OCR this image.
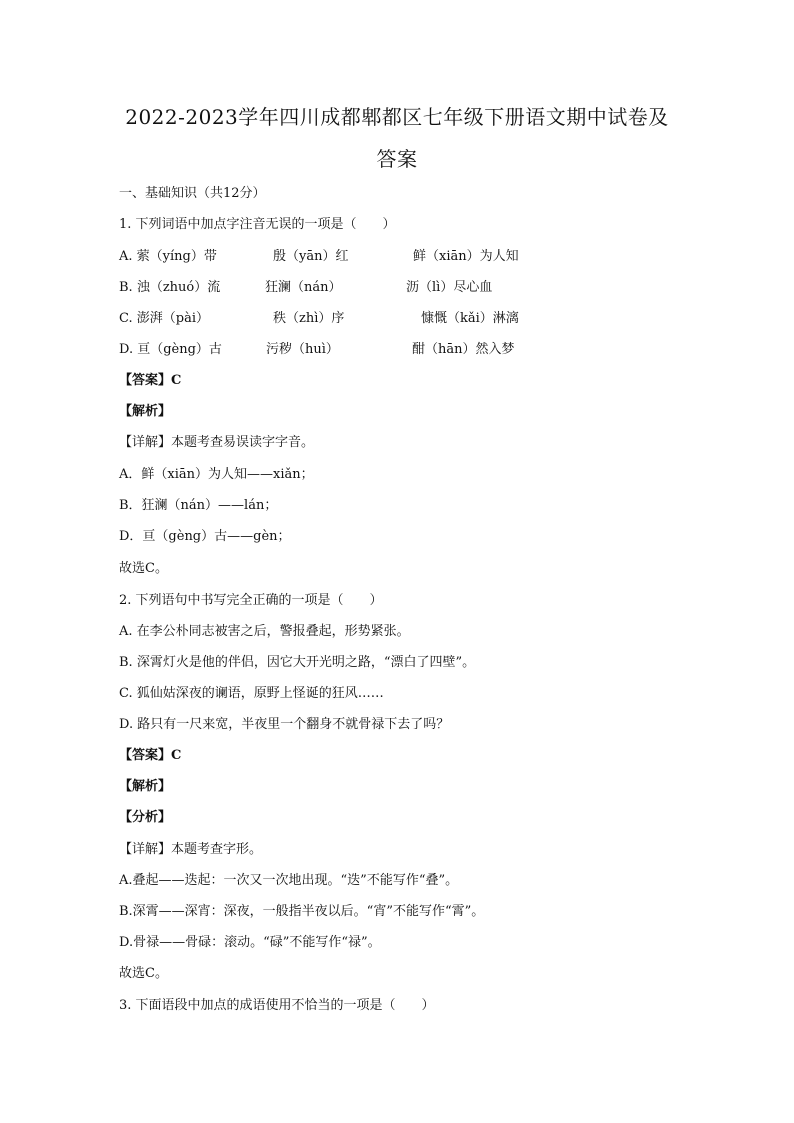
2022-2023学年四川成都郫都区七年级下册语文期中试卷及
答案
一、基础知识（共12分）
1. 下列词语中加点字注音无误的一项是（　　）
A. 萦（yíng）带	殷（yān）红	鲜（xiān）为人知
B. 浊（zhuó）流	狂澜（nán）	沥（lì）尽心血
C. 澎湃（pài）	秩（zhì）序	慷慨（kǎi）淋漓
D. 亘（gèng）古	污秽（huì）	酣（hān）然入梦
【答案】C
【解析】
【详解】本题考查易误读字字音。
A．鲜（xiān）为人知——xiǎn；
B．狂澜（nán）——lán；
D．亘（gèng）古——gèn；
故选C。
2. 下列语句中书写完全正确的一项是（　　）
A. 在李公朴同志被害之后，警报叠起，形势紧张。
B. 深霄灯火是他的伴侣，因它大开光明之路，“漂白了四壁”。
C. 狐仙姑深夜的谰语，原野上怪诞的狂风……
D. 路只有一尺来宽，半夜里一个翻身不就骨禄下去了吗？
【答案】C
【解析】
【分析】
【详解】本题考查字形。
A.叠起——迭起：一次又一次地出现。“迭”不能写作“叠”。
B.深霄——深宵：深夜，一般指半夜以后。“宵”不能写作“霄”。
D.骨禄——骨碌：滚动。“碌”不能写作“禄”。
故选C。
3. 下面语段中加点的成语使用不恰当的一项是（　　）
